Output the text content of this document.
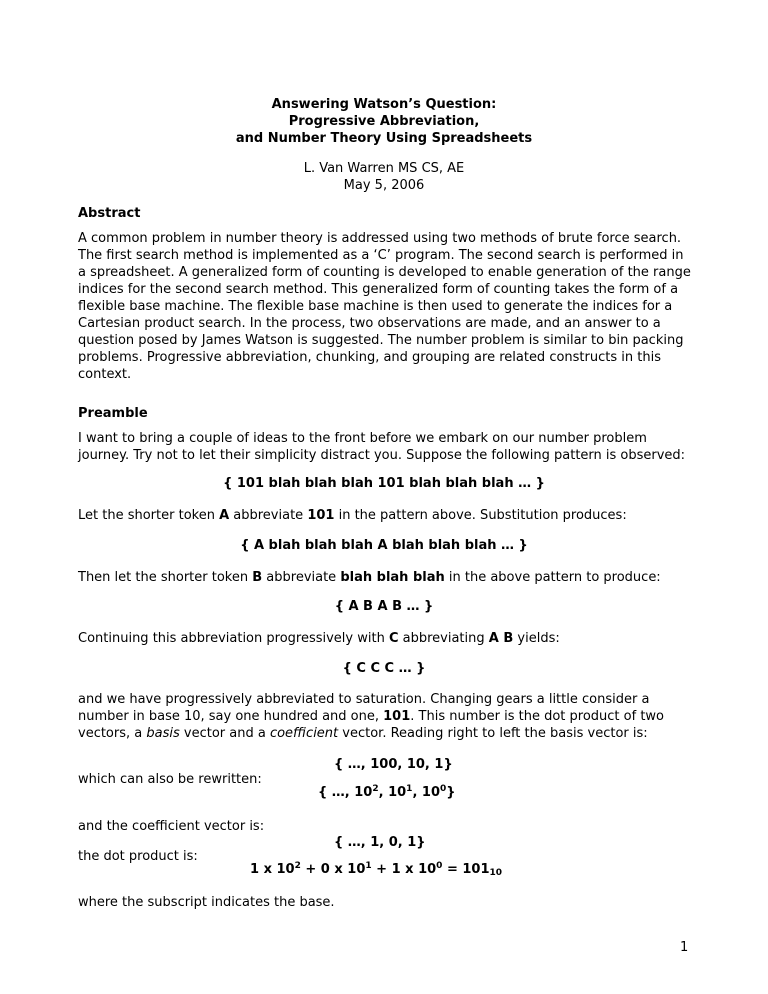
Answering Watson’s Question:
Progressive Abbreviation,
and Number Theory Using Spreadsheets
L. Van Warren MS CS, AE
May 5, 2006
Abstract

A common problem in number theory is addressed using two methods of brute force search. The first search method is implemented as a ‘C’ program. The second search is performed in a spreadsheet. A generalized form of counting is developed to enable generation of the range indices for the second search method. This generalized form of counting takes the form of a flexible base machine. The flexible base machine is then used to generate the indices for a Cartesian product search. In the process, two observations are made, and an answer to a question posed by James Watson is suggested. The number problem is similar to bin packing problems. Progressive abbreviation, chunking, and grouping are related constructs in this context.

Preamble

I want to bring a couple of ideas to the front before we embark on our number problem journey. Try not to let their simplicity distract you. Suppose the following pattern is observed:

{ 101 blah blah blah 101 blah blah blah … }

Let the shorter token A abbreviate 101 in the pattern above. Substitution produces:

{ A blah blah blah A blah blah blah … }

Then let the shorter token B abbreviate blah blah blah in the above pattern to produce:

{ A B A B … }

Continuing this abbreviation progressively with C abbreviating A B yields:

{ C C C … }

and we have progressively abbreviated to saturation. Changing gears a little consider a number in base 10, say one hundred and one, 101. This number is the dot product of two vectors, a basis vector and a coefficient vector. Reading right to left the basis vector is:

{ …, 100, 10, 1}
which can also be rewritten:
{ …, $10^2$, $10^1$, $10^0$}
and the coefficient vector is:
{ …, 1, 0, 1}
the dot product is:
1 x $10^2 + 0$ x $10^1 + 1$ x $10^0 = 101_{10}$
where the subscript indicates the base.
1
